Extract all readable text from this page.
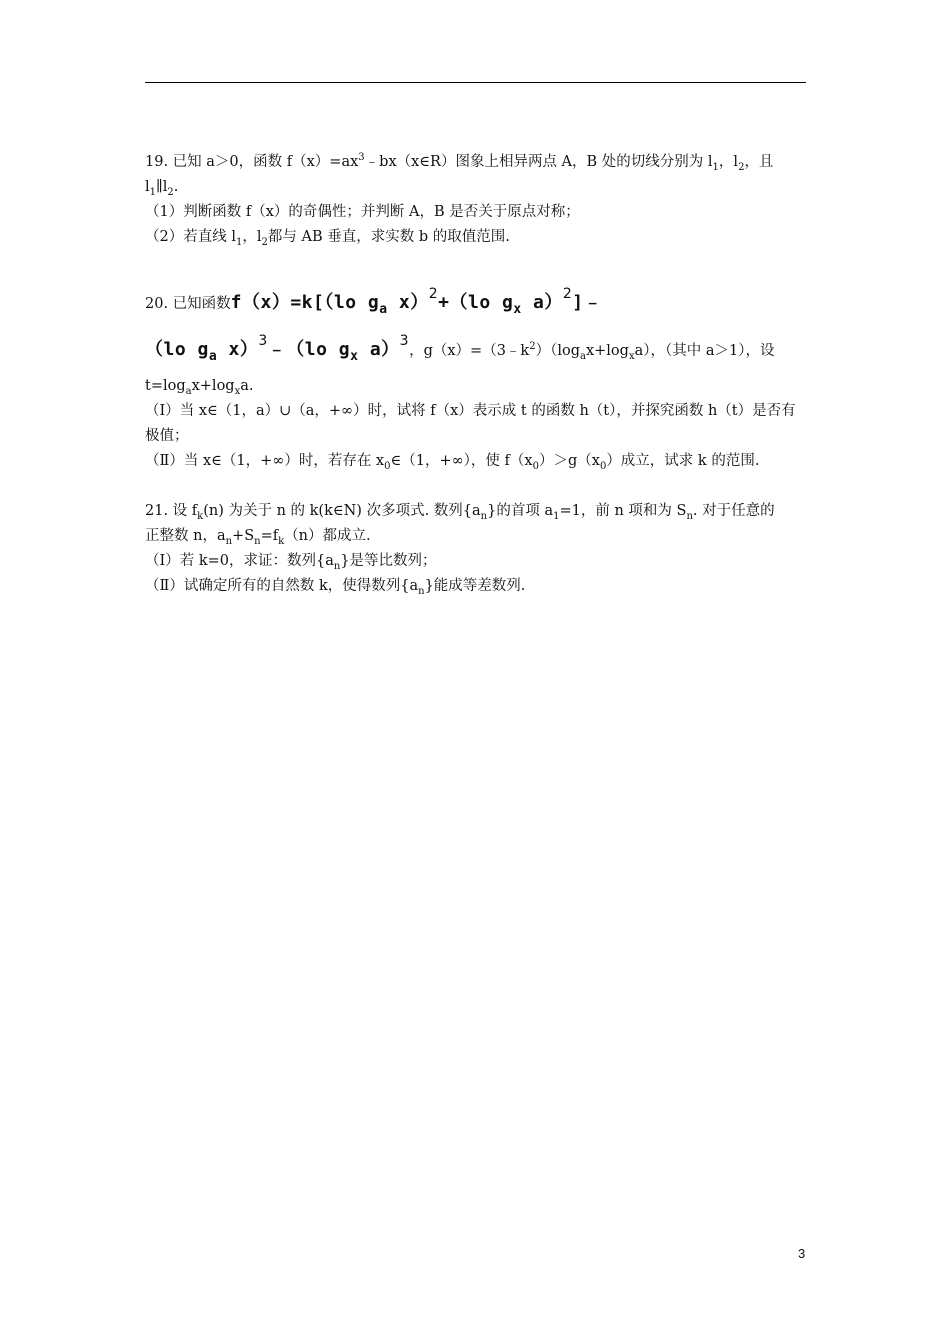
19. 已知 a＞0，函数 $f(x)=ax^3﹣bx(x\in R)$图象上相异两点 A，B 处的切线分别为 $l_1$，$l_2$，且
$l_1\parallel l_2$.
（1）判断函数 f（x）的奇偶性；并判断 A，B 是否关于原点对称；
（2）若直线 $l_1$，$l_2$都与 AB 垂直，求实数 b 的取值范围.
20. 已知函数f（x）=k[（lo $g_a$ x）$^2$+（lo $g_x$ a）$^2$]﹣
（lo $g_a$ x）$^3$﹣（lo $g_x$ a）$^3$，$g(x)=(3﹣k^2)(\log_ax+\log_xa)$，（其中 a＞1），设
$t=\log_ax+\log_xa$.
（Ⅰ）当 x∈（1，a）∪（a，+∞）时，试将 f（x）表示成 t 的函数 h（t），并探究函数 h（t）是否有
极值；
（Ⅱ）当 x∈（1，+∞）时，若存在 $x_0\in(1$，+∞），使 $f(x_0)>g(x_0)$成立，试求 k 的范围.
21. 设 $f_k(n)$ 为关于 n 的 k(k∈N) 次多项式. 数列$\{a_n\}$的首项 $a_1=1$，前 n 项和为 $S_n$. 对于任意的
正整数 n，$a_n+S_n=f_k(n)$都成立.
（I）若 k=0，求证：数列$\{a_n\}$是等比数列；
（Ⅱ）试确定所有的自然数 k，使得数列$\{a_n\}$能成等差数列.
3
